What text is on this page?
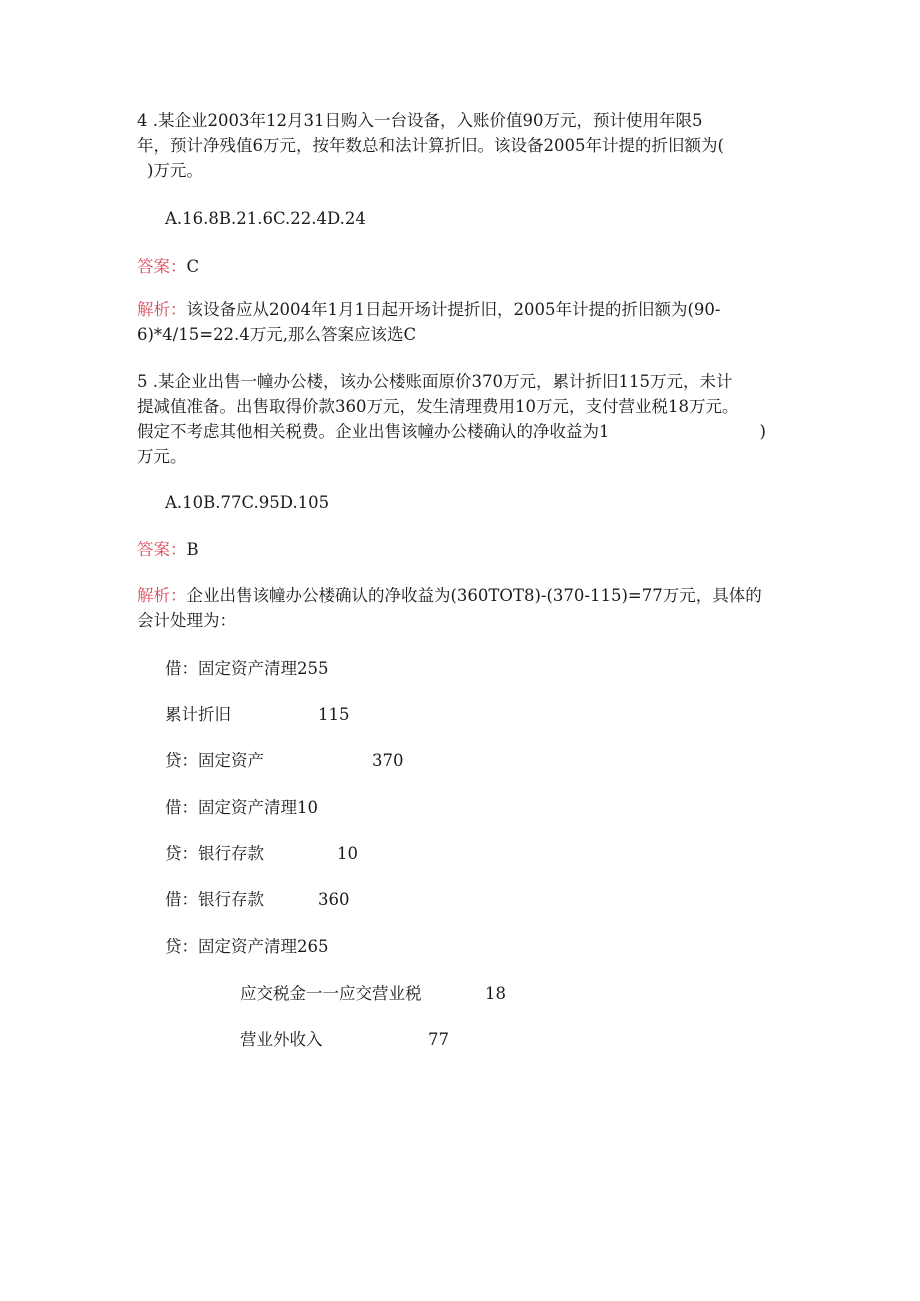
4 .某企业2003年12月31日购入一台设备，入账价值90万元，预计使用年限5
年，预计净残值6万元，按年数总和法计算折旧。该设备2005年计提的折旧额为(
)万元。
A.16.8B.21.6C.22.4D.24
答案：C
解析：该设备应从2004年1月1日起开场计提折旧，2005年计提的折旧额为(90-
6)*4/15=22.4万元,那么答案应该选C
5 .某企业出售一幢办公楼，该办公楼账面原价370万元，累计折旧115万元，未计
提减值准备。出售取得价款360万元，发生清理费用10万元，支付营业税18万元。
假定不考虑其他相关税费。企业出售该幢办公楼确认的净收益为1	)
万元。
A.10B.77C.95D.105
答案：B
解析：企业出售该幢办公楼确认的净收益为(360TOT8)-(370-115)=77万元，具体的
会计处理为：
借：固定资产清理255
累计折旧	115
贷：固定资产	370
借：固定资产清理10
贷：银行存款	10
借：银行存款	360
贷：固定资产清理265
应交税金一一应交营业税	18
营业外收入	77
